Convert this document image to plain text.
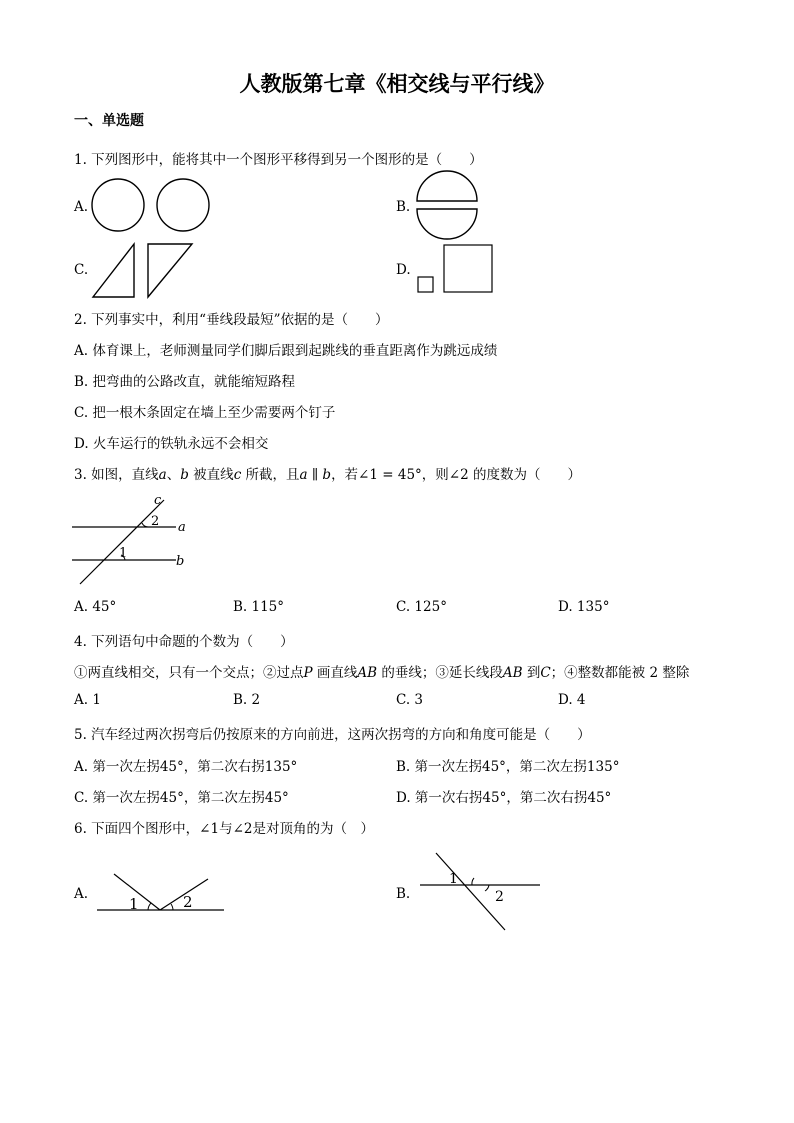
人教版第七章《相交线与平行线》
一、单选题
1. 下列图形中，能将其中一个图形平移得到另一个图形的是（　　）
A.	B.
C.	D.
2. 下列事实中，利用“垂线段最短”依据的是（　　）
A. 体育课上，老师测量同学们脚后跟到起跳线的垂直距离作为跳远成绩
B. 把弯曲的公路改直，就能缩短路程
C. 把一根木条固定在墙上至少需要两个钉子
D. 火车运行的铁轨永远不会相交
3. 如图，直线a、b 被直线c 所截，且a ∥ b，若∠1 = 45°，则∠2 的度数为（　　）
c
2 a
1
b
A. 45°	B. 115°	C. 125°	D. 135°
4. 下列语句中命题的个数为（　　）
①两直线相交，只有一个交点；②过点P 画直线AB 的垂线；③延长线段AB 到C；④整数都能被 2 整除
A. 1	B. 2	C. 3	D. 4
5. 汽车经过两次拐弯后仍按原来的方向前进，这两次拐弯的方向和角度可能是（　　）
A. 第一次左拐45°，第二次右拐135°	B. 第一次左拐45°，第二次左拐135°
C. 第一次左拐45°，第二次左拐45°	D. 第一次右拐45°，第二次右拐45°
6. 下面四个图形中，∠1与∠2是对顶角的为（　）
A.
1	2	B.
1
2
